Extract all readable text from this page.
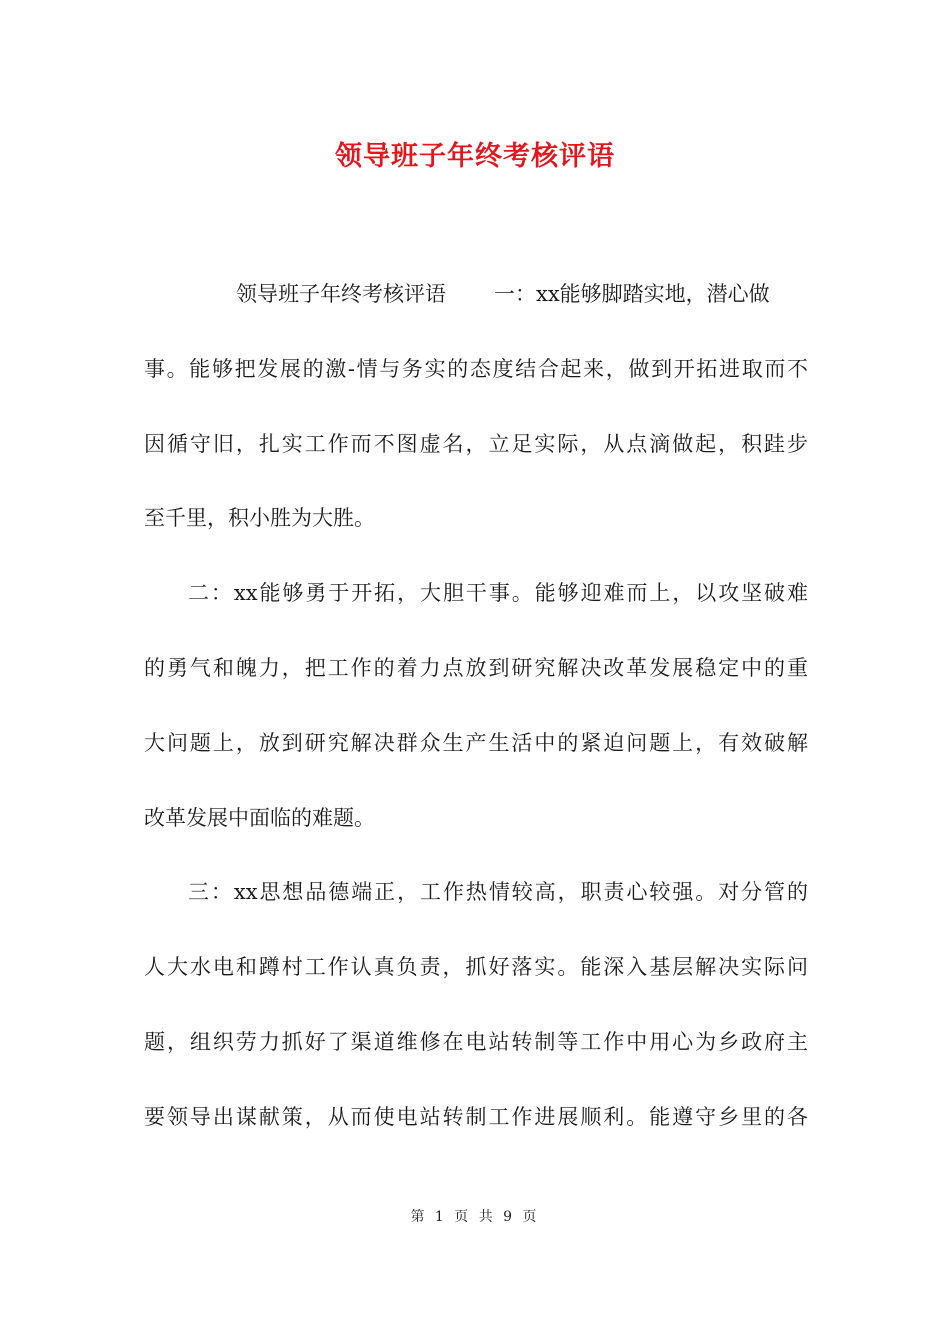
领导班子年终考核评语
领导班子年终考核评语 一：xx能够脚踏实地，潜心做
事。能够把发展的激-情与务实的态度结合起来，做到开拓进取而不
因循守旧，扎实工作而不图虚名，立足实际，从点滴做起，积跬步
至千里，积小胜为大胜。
二：xx能够勇于开拓，大胆干事。能够迎难而上，以攻坚破难
的勇气和魄力，把工作的着力点放到研究解决改革发展稳定中的重
大问题上，放到研究解决群众生产生活中的紧迫问题上，有效破解
改革发展中面临的难题。
三：xx思想品德端正，工作热情较高，职责心较强。对分管的
人大水电和蹲村工作认真负责，抓好落实。能深入基层解决实际问
题，组织劳力抓好了渠道维修在电站转制等工作中用心为乡政府主
要领导出谋献策，从而使电站转制工作进展顺利。能遵守乡里的各
第 1 页 共 9 页
